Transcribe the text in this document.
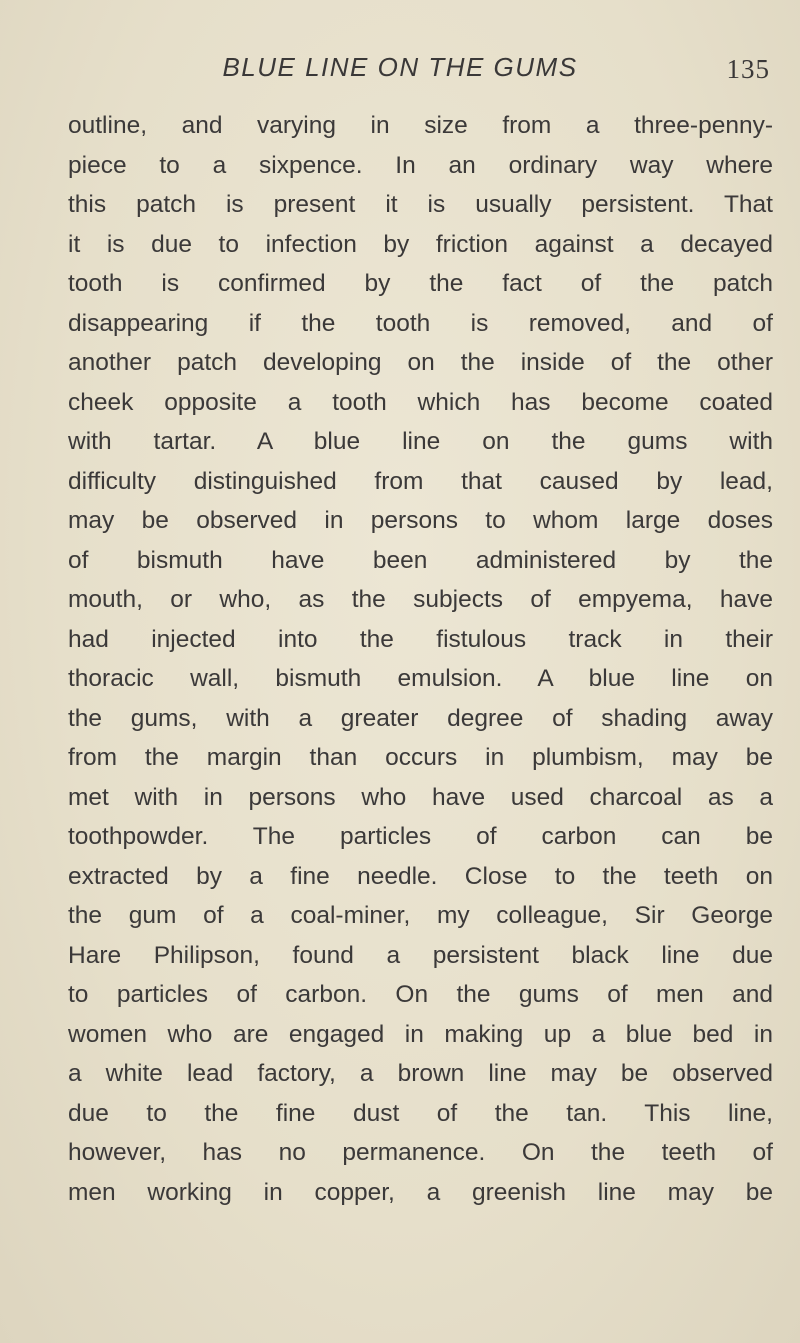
BLUE LINE ON THE GUMS	135
outline, and varying in size from a three-penny-
piece to a sixpence. In an ordinary way where
this patch is present it is usually persistent. That
it is due to infection by friction against a decayed
tooth is confirmed by the fact of the patch
disappearing if the tooth is removed, and of
another patch developing on the inside of the other
cheek opposite a tooth which has become coated
with tartar. A blue line on the gums with
difficulty distinguished from that caused by lead,
may be observed in persons to whom large doses
of bismuth have been administered by the
mouth, or who, as the subjects of empyema, have
had injected into the fistulous track in their
thoracic wall, bismuth emulsion. A blue line on
the gums, with a greater degree of shading away
from the margin than occurs in plumbism, may be
met with in persons who have used charcoal as a
toothpowder. The particles of carbon can be
extracted by a fine needle. Close to the teeth on
the gum of a coal-miner, my colleague, Sir George
Hare Philipson, found a persistent black line due
to particles of carbon. On the gums of men and
women who are engaged in making up a blue bed in
a white lead factory, a brown line may be observed
due to the fine dust of the tan. This line,
however, has no permanence. On the teeth of
men working in copper, a greenish line may be
